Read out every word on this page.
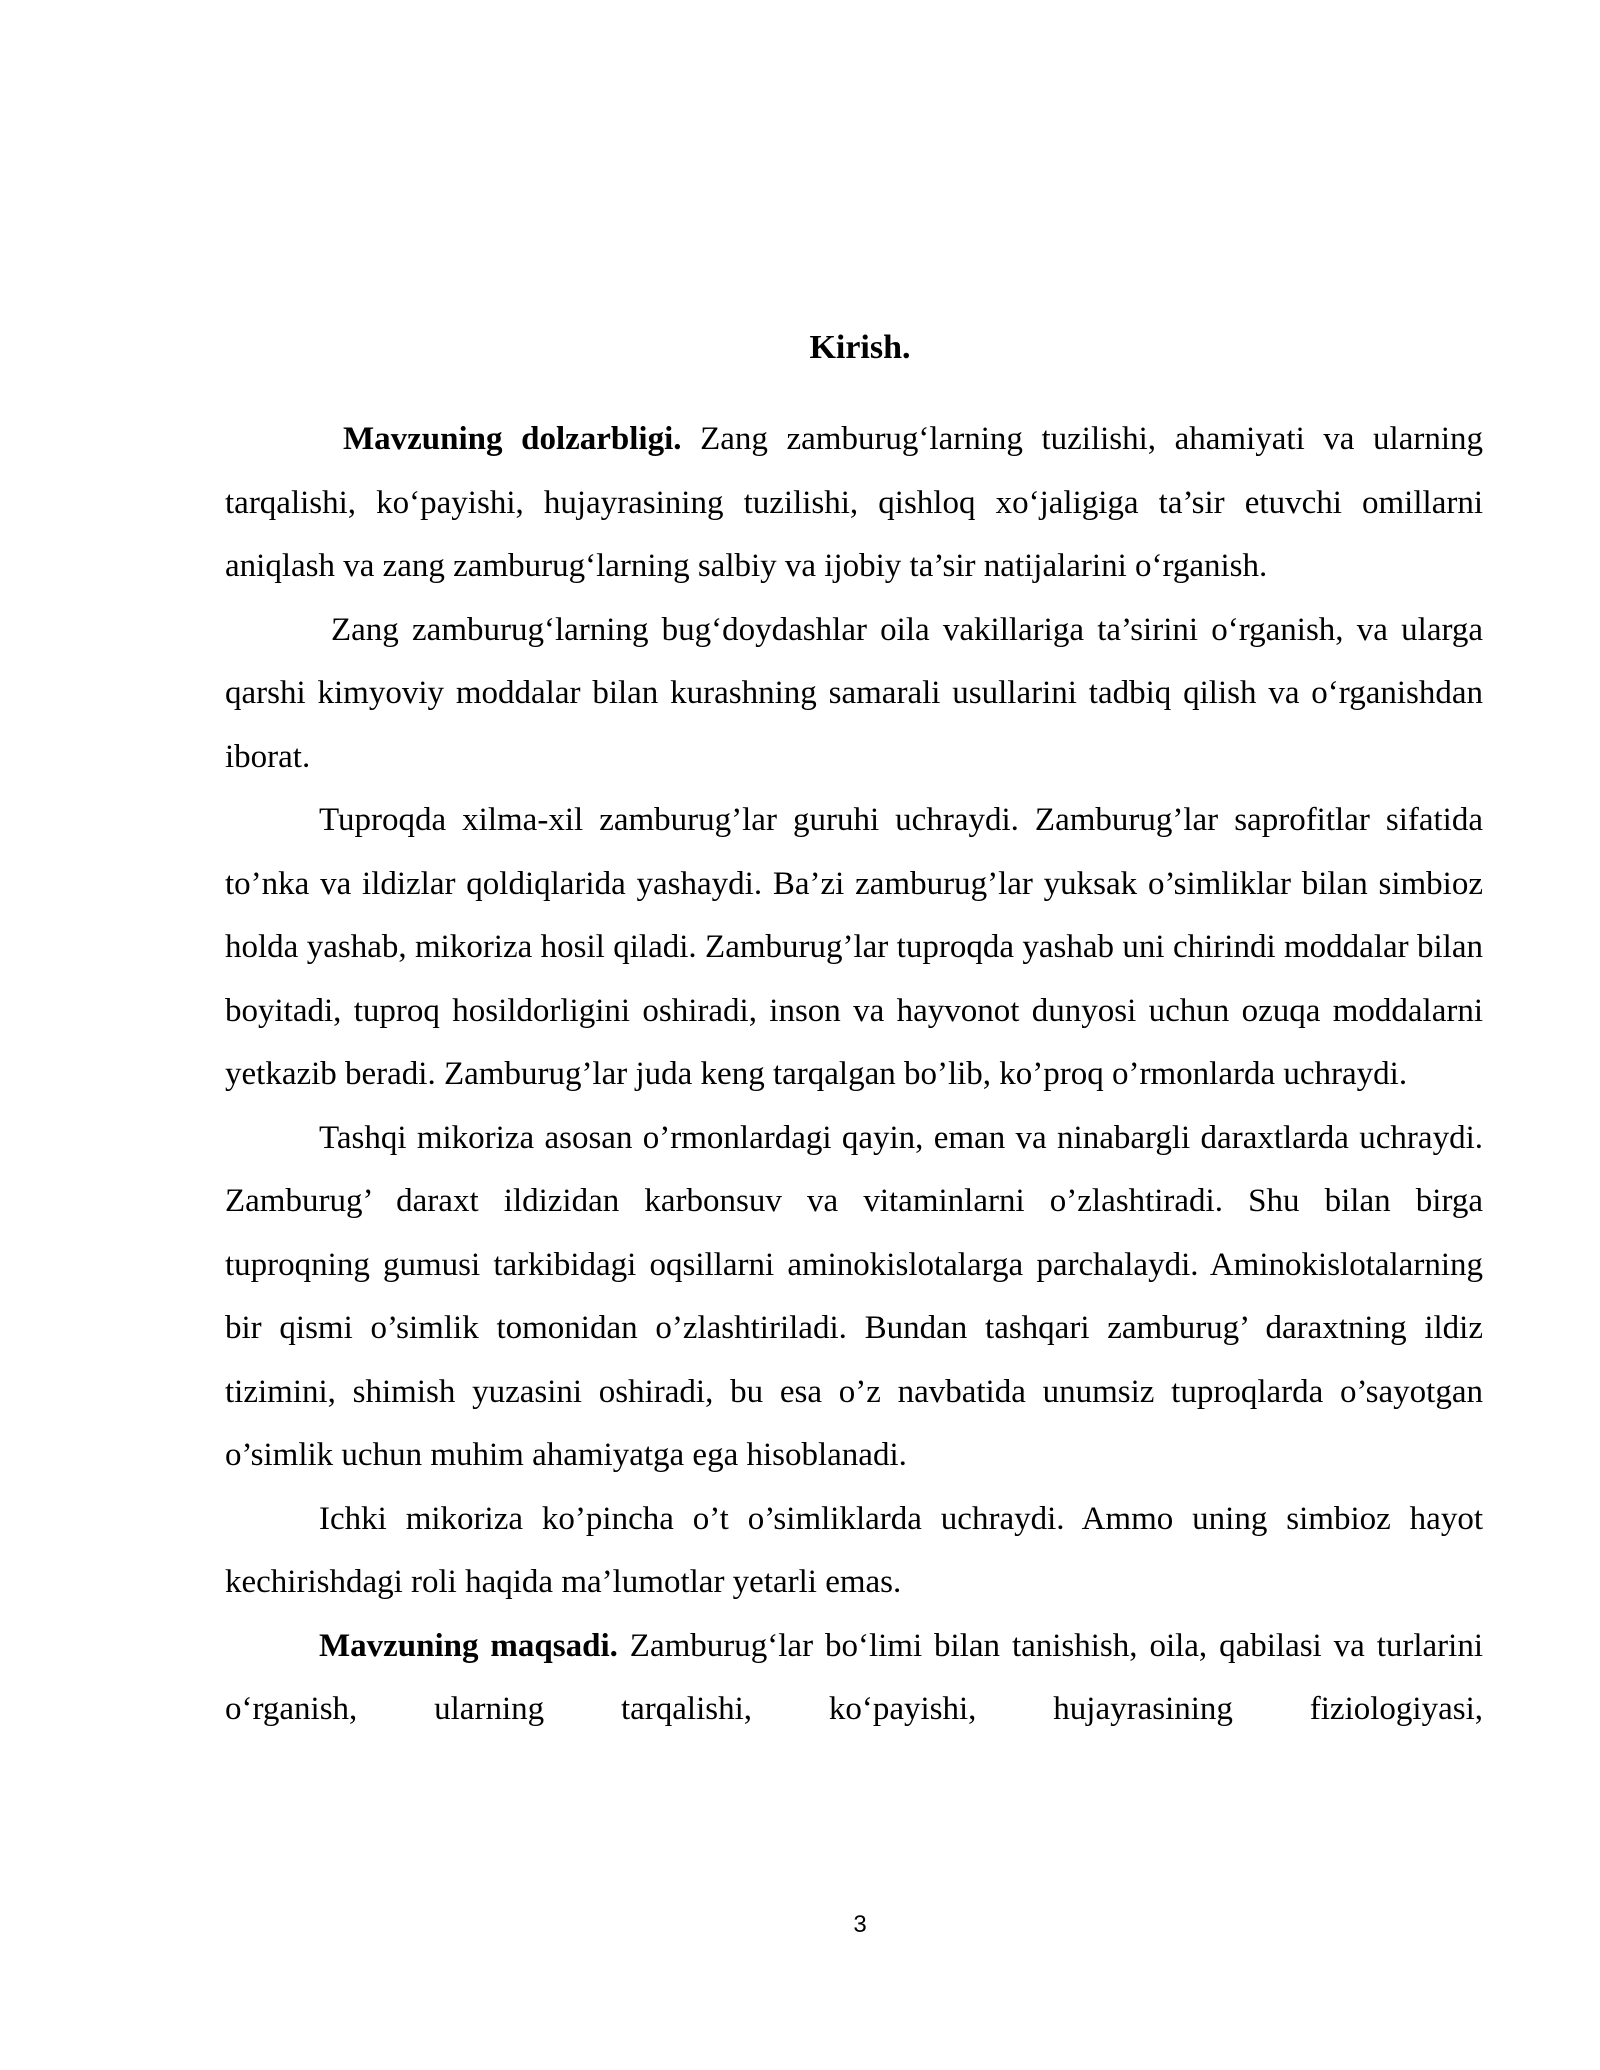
Kirish.

Mavzuning dolzarbligi. Zang zamburug‘larning tuzilishi, ahamiyati va ularning tarqalishi, ko‘payishi, hujayrasining tuzilishi, qishloq xo‘jaligiga ta’sir etuvchi omillarni aniqlash va zang zamburug‘larning salbiy va ijobiy ta’sir natijalarini o‘rganish.

Zang zamburug‘larning bug‘doydashlar oila vakillariga ta’sirini o‘rganish, va ularga qarshi kimyoviy moddalar bilan kurashning samarali usullarini tadbiq qilish va o‘rganishdan iborat.

Tuproqda xilma-xil zamburug’lar guruhi uchraydi. Zamburug’lar saprofitlar sifatida to’nka va ildizlar qoldiqlarida yashaydi. Ba’zi zamburug’lar yuksak o’simliklar bilan simbioz holda yashab, mikoriza hosil qiladi. Zamburug’lar tuproqda yashab uni chirindi moddalar bilan boyitadi, tuproq hosildorligini oshiradi, inson va hayvonot dunyosi uchun ozuqa moddalarni yetkazib beradi. Zamburug’lar juda keng tarqalgan bo’lib, ko’proq o’rmonlarda uchraydi.

Tashqi mikoriza asosan o’rmonlardagi qayin, eman va ninabargli daraxtlarda uchraydi. Zamburug’ daraxt ildizidan karbonsuv va vitaminlarni o’zlashtiradi. Shu bilan birga tuproqning gumusi tarkibidagi oqsillarni aminokislotalarga parchalaydi. Aminokislotalarning bir qismi o’simlik tomonidan o’zlashtiriladi. Bundan tashqari zamburug’ daraxtning ildiz tizimini, shimish yuzasini oshiradi, bu esa o’z navbatida unumsiz tuproqlarda o’sayotgan o’simlik uchun muhim ahamiyatga ega hisoblanadi.

Ichki mikoriza ko’pincha o’t o’simliklarda uchraydi. Ammo uning simbioz hayot kechirishdagi roli haqida ma’lumotlar yetarli emas.

Mavzuning maqsadi. Zamburug‘lar bo‘limi bilan tanishish, oila, qabilasi va turlarini o‘rganish, ularning tarqalishi, ko‘payishi, hujayrasining fiziologiyasi,

3
